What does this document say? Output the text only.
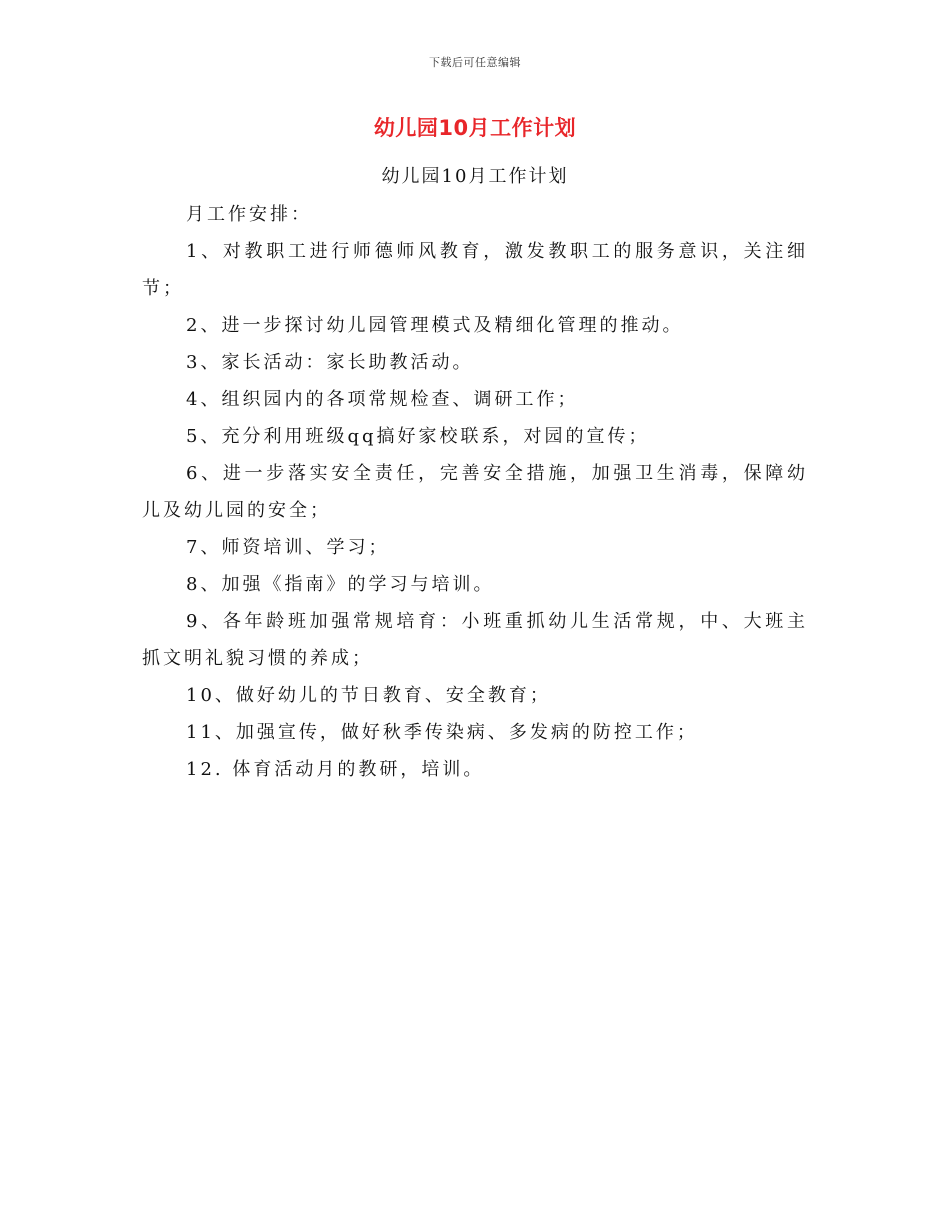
下载后可任意编辑
幼儿园10月工作计划
幼儿园10月工作计划

月工作安排：

1、对教职工进行师德师风教育，激发教职工的服务意识，关注细节；

2、进一步探讨幼儿园管理模式及精细化管理的推动。

3、家长活动：家长助教活动。

4、组织园内的各项常规检查、调研工作；

5、充分利用班级qq搞好家校联系，对园的宣传；

6、进一步落实安全责任，完善安全措施，加强卫生消毒，保障幼儿及幼儿园的安全；

7、师资培训、学习；

8、加强《指南》的学习与培训。

9、各年龄班加强常规培育：小班重抓幼儿生活常规，中、大班主抓文明礼貌习惯的养成；

10、做好幼儿的节日教育、安全教育；

11、加强宣传，做好秋季传染病、多发病的防控工作；

12. 体育活动月的教研，培训。
